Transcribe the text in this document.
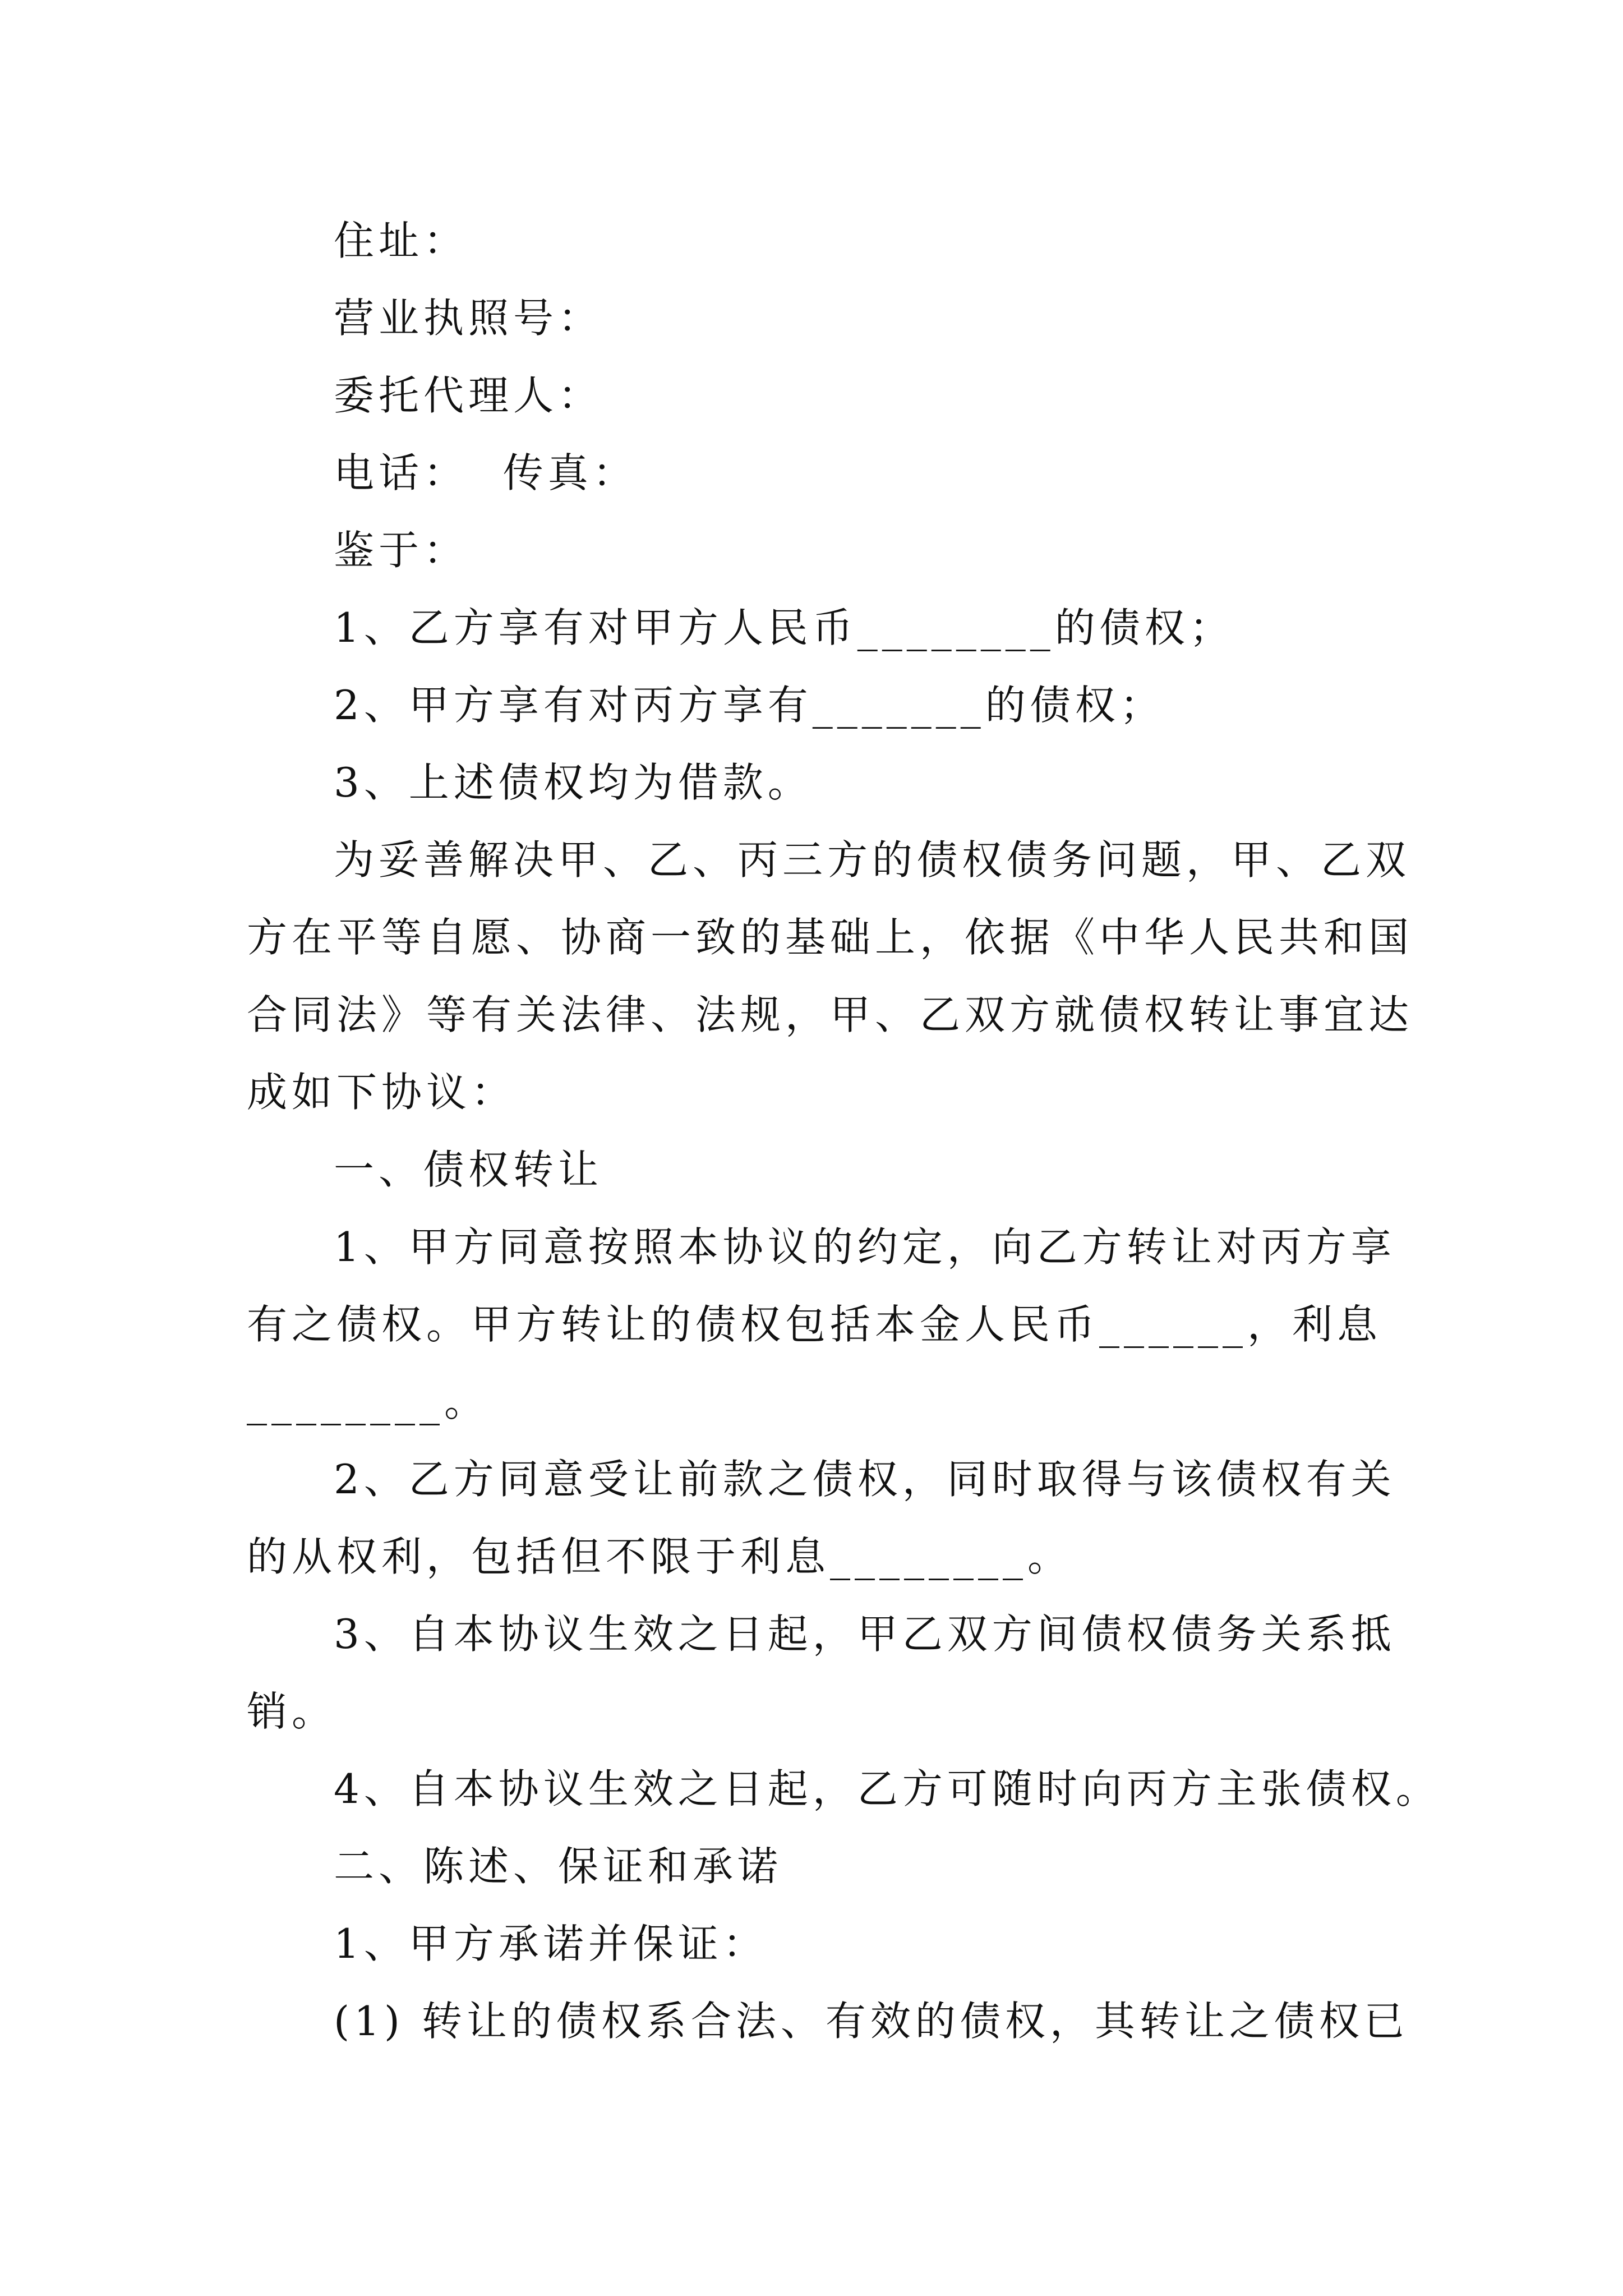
住址：
营业执照号：
委托代理人：
电话：  传真：
鉴于：
1、乙方享有对甲方人民币________的债权；
2、甲方享有对丙方享有_______的债权；
3、上述债权均为借款。
为妥善解决甲、乙、丙三方的债权债务问题，甲、乙双
方在平等自愿、协商一致的基础上，依据《中华人民共和国
合同法》等有关法律、法规，甲、乙双方就债权转让事宜达
成如下协议：
一、债权转让
1、甲方同意按照本协议的约定，向乙方转让对丙方享
有之债权。甲方转让的债权包括本金人民币______，利息
________。
2、乙方同意受让前款之债权，同时取得与该债权有关
的从权利，包括但不限于利息________。
3、自本协议生效之日起，甲乙双方间债权债务关系抵
销。
4、自本协议生效之日起，乙方可随时向丙方主张债权。
二、陈述、保证和承诺
1、甲方承诺并保证：
(1) 转让的债权系合法、有效的债权，其转让之债权已
